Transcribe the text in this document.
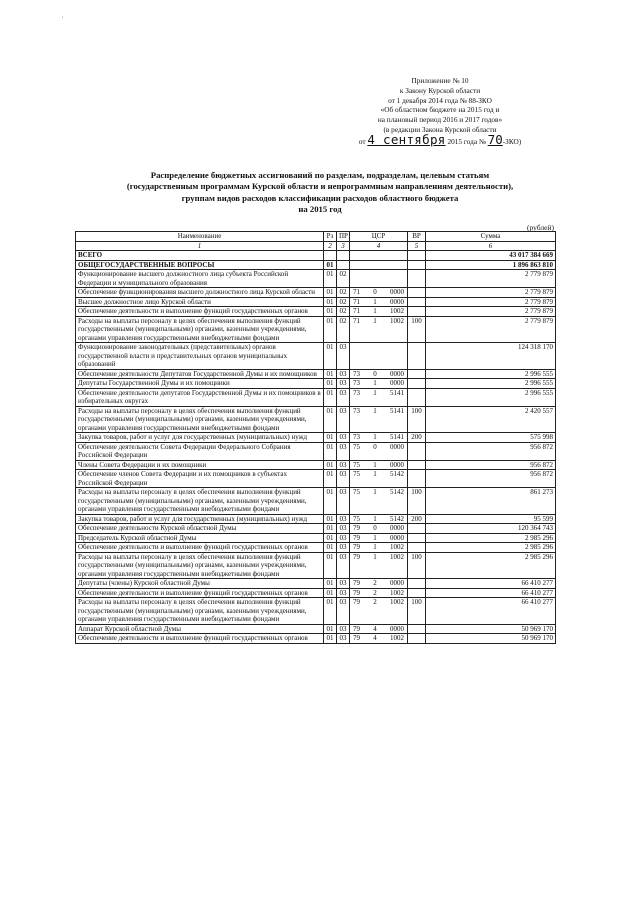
ˈ
Приложение № 10
к Закону Курской области
от 1 декабря 2014 года № 88-ЗКО
«Об областном бюджете на 2015 год и
на плановый период 2016 и 2017 годов»
(в редакции Закона Курской области
от 4 сентября 2015 года № 70-ЗКО)
Распределение бюджетных ассигнований по разделам, подразделам, целевым статьям
(государственным программам Курской области и непрограммным направлениям деятельности),
группам видов расходов классификации расходов областного бюджета
на 2015 год
(рублей)
Наименование	Рз	ПР	ЦСР	ВР	Сумма
1	2	3	4	5	6
ВСЕГО					43 017 384 669
ОБЩЕГОСУДАРСТВЕННЫЕ ВОПРОСЫ	01				1 896 863 810
Функционирование высшего должностного лица субъекта Российской Федерации и муниципального образования	01	02			2 779 879
Обеспечение функционирования высшего должностного лица Курской области	01	02	71 0 0000		2 779 879
Высшее должностное лицо Курской области	01	02	71 1 0000		2 779 879
Обеспечение деятельности и выполнение функций государственных органов	01	02	71 1 1002		2 779 879
Расходы на выплаты персоналу в целях обеспечения выполнения функций государственными (муниципальными) органами, казенными учреждениями, органами управления государственными внебюджетными фондами	01	02	71 1 1002	100	2 779 879
Функционирование законодательных (представительных) органов государственной власти и представительных органов муниципальных образований	01	03			124 318 170
Обеспечение деятельности Депутатов Государственной Думы и их помощников	01	03	73 0 0000		2 996 555
Депутаты Государственной Думы и их помощники	01	03	73 1 0000		2 996 555
Обеспечение деятельности депутатов Государственной Думы и их помощников в избирательных округах	01	03	73 1 5141		2 996 555
Расходы на выплаты персоналу в целях обеспечения выполнения функций государственными (муниципальными) органами, казенными учреждениями, органами управления государственными внебюджетными фондами	01	03	73 1 5141	100	2 420 557
Закупка товаров, работ и услуг для государственных (муниципальных) нужд	01	03	73 1 5141	200	575 998
Обеспечение деятельности Совета Федерации Федерального Собрания Российской Федерации	01	03	75 0 0000		956 872
Члены Совета Федерации и их помощники	01	03	75 1 0000		956 872
Обеспечение членов Совета Федерации и их помощников в субъектах Российской Федерации	01	03	75 1 5142		956 872
Расходы на выплаты персоналу в целях обеспечения выполнения функций государственными (муниципальными) органами, казенными учреждениями, органами управления государственными внебюджетными фондами	01	03	75 1 5142	100	861 273
Закупка товаров, работ и услуг для государственных (муниципальных) нужд	01	03	75 1 5142	200	95 599
Обеспечение деятельности Курской областной Думы	01	03	79 0 0000		120 364 743
Председатель Курской областной Думы	01	03	79 1 0000		2 985 296
Обеспечение деятельности и выполнение функций государственных органов	01	03	79 1 1002		2 985 296
Расходы на выплаты персоналу в целях обеспечения выполнения функций государственными (муниципальными) органами, казенными учреждениями, органами управления государственными внебюджетными фондами	01	03	79 1 1002	100	2 985 296
Депутаты (члены) Курской областной Думы	01	03	79 2 0000		66 410 277
Обеспечение деятельности и выполнение функций государственных органов	01	03	79 2 1002		66 410 277
Расходы на выплаты персоналу в целях обеспечения выполнения функций государственными (муниципальными) органами, казенными учреждениями, органами управления государственными внебюджетными фондами	01	03	79 2 1002	100	66 410 277
Аппарат Курской областной Думы	01	03	79 4 0000		50 969 170
Обеспечение деятельности и выполнение функций государственных органов	01	03	79 4 1002		50 969 170
